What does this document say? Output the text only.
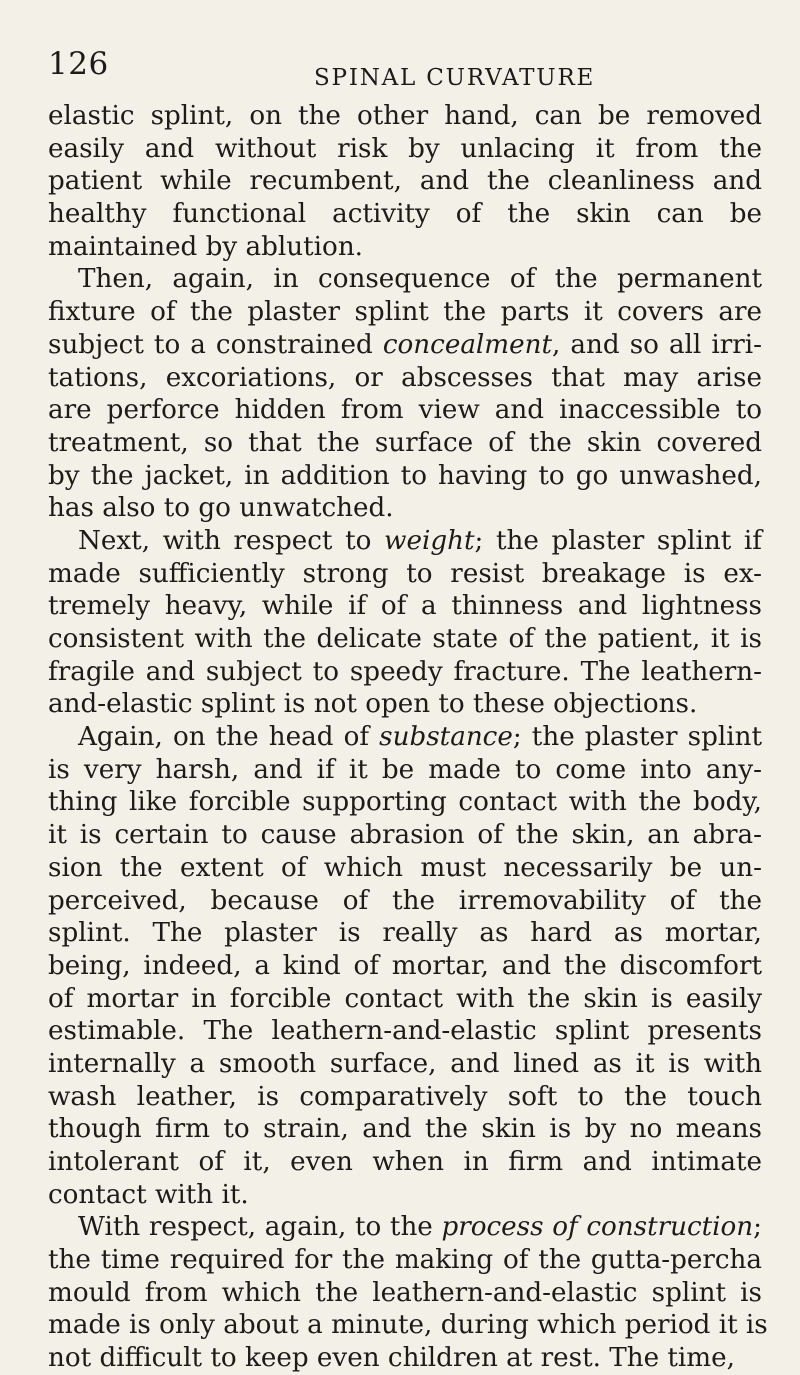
126	SPINAL CURVATURE
elastic splint, on the other hand, can be removed
easily and without risk by unlacing it from the
patient while recumbent, and the cleanliness and
healthy functional activity of the skin can be
maintained by ablution.
Then, again, in consequence of the permanent
fixture of the plaster splint the parts it covers are
subject to a constrained concealment, and so all irri-
tations, excoriations, or abscesses that may arise
are perforce hidden from view and inaccessible to
treatment, so that the surface of the skin covered
by the jacket, in addition to having to go unwashed,
has also to go unwatched.
Next, with respect to weight; the plaster splint if
made sufficiently strong to resist breakage is ex-
tremely heavy, while if of a thinness and lightness
consistent with the delicate state of the patient, it is
fragile and subject to speedy fracture. The leathern-
and-elastic splint is not open to these objections.
Again, on the head of substance; the plaster splint
is very harsh, and if it be made to come into any-
thing like forcible supporting contact with the body,
it is certain to cause abrasion of the skin, an abra-
sion the extent of which must necessarily be un-
perceived, because of the irremovability of the
splint. The plaster is really as hard as mortar,
being, indeed, a kind of mortar, and the discomfort
of mortar in forcible contact with the skin is easily
estimable. The leathern-and-elastic splint presents
internally a smooth surface, and lined as it is with
wash leather, is comparatively soft to the touch
though firm to strain, and the skin is by no means
intolerant of it, even when in firm and intimate
contact with it.
With respect, again, to the process of construction;
the time required for the making of the gutta-percha
mould from which the leathern-and-elastic splint is
made is only about a minute, during which period it is
not difficult to keep even children at rest. The time,
